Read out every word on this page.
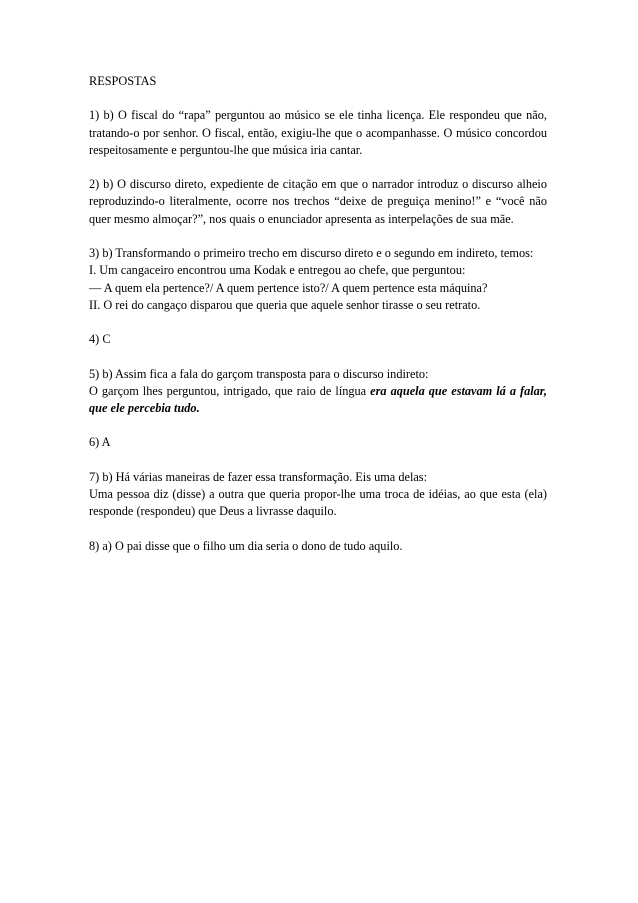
RESPOSTAS

1) b) O fiscal do “rapa” perguntou ao músico se ele tinha licença. Ele respondeu que não, tratando-o por senhor. O fiscal, então, exigiu-lhe que o acompanhasse. O músico concordou respeitosamente e perguntou-lhe que música iria cantar.

2) b) O discurso direto, expediente de citação em que o narrador introduz o discurso alheio reproduzindo-o literalmente, ocorre nos trechos “deixe de preguiça menino!” e “você não quer mesmo almoçar?”, nos quais o enunciador apresenta as interpelações de sua mãe.

3) b) Transformando o primeiro trecho em discurso direto e o segundo em indireto, temos:

I. Um cangaceiro encontrou uma Kodak e entregou ao chefe, que perguntou:

— A quem ela pertence?/ A quem pertence isto?/ A quem pertence esta máquina?

II. O rei do cangaço disparou que queria que aquele senhor tirasse o seu retrato.

4) C

5) b) Assim fica a fala do garçom transposta para o discurso indireto:

O garçom lhes perguntou, intrigado, que raio de língua era aquela que estavam lá a falar, que ele percebia tudo.

6) A

7) b) Há várias maneiras de fazer essa transformação. Eis uma delas:

Uma pessoa diz (disse) a outra que queria propor-lhe uma troca de idéias, ao que esta (ela) responde (respondeu) que Deus a livrasse daquilo.

8) a) O pai disse que o filho um dia seria o dono de tudo aquilo.
